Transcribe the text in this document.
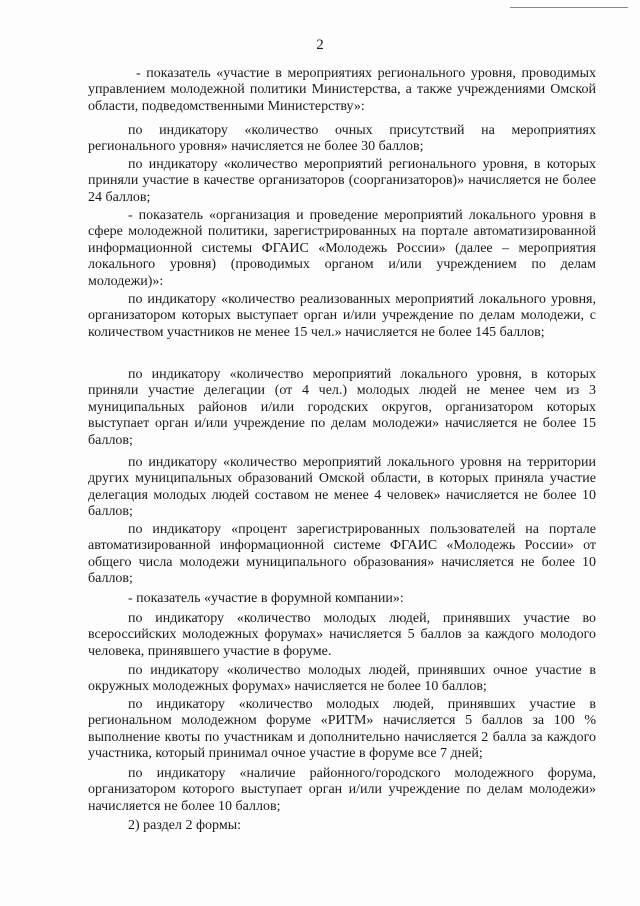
2

- показатель «участие в мероприятиях регионального уровня, проводимых управлением молодежной политики Министерства, а также учреждениями Омской области, подведомственными Министерству»:

по индикатору «количество очных присутствий на мероприятиях регионального уровня» начисляется не более 30 баллов;

по индикатору «количество мероприятий регионального уровня, в которых приняли участие в качестве организаторов (соорганизаторов)» начисляется не более 24 баллов;

- показатель «организация и проведение мероприятий локального уровня в сфере молодежной политики, зарегистрированных на портале автоматизированной информационной системы ФГАИС «Молодежь России» (далее – мероприятия локального уровня) (проводимых органом и/или учреждением по делам молодежи)»:

по индикатору «количество реализованных мероприятий локального уровня, организатором которых выступает орган и/или учреждение по делам молодежи, с количеством участников не менее 15 чел.» начисляется не более 145 баллов;

по индикатору «количество мероприятий локального уровня, в которых приняли участие делегации (от 4 чел.) молодых людей не менее чем из 3 муниципальных районов и/или городских округов, организатором которых выступает орган и/или учреждение по делам молодежи» начисляется не более 15 баллов;

по индикатору «количество мероприятий локального уровня на территории других муниципальных образований Омской области, в которых приняла участие делегация молодых людей составом не менее 4 человек» начисляется не более 10 баллов;

по индикатору «процент зарегистрированных пользователей на портале автоматизированной информационной системе ФГАИС «Молодежь России» от общего числа молодежи муниципального образования» начисляется не более 10 баллов;

- показатель «участие в форумной компании»:

по индикатору «количество молодых людей, принявших участие во всероссийских молодежных форумах» начисляется 5 баллов за каждого молодого человека, принявшего участие в форуме.

по индикатору «количество молодых людей, принявших очное участие в окружных молодежных форумах» начисляется не более 10 баллов;

по индикатору «количество молодых людей, принявших участие в региональном молодежном форуме «РИТМ» начисляется 5 баллов за 100 % выполнение квоты по участникам и дополнительно начисляется 2 балла за каждого участника, который принимал очное участие в форуме все 7 дней;

по индикатору «наличие районного/городского молодежного форума, организатором которого выступает орган и/или учреждение по делам молодежи» начисляется не более 10 баллов;

2) раздел 2 формы:
